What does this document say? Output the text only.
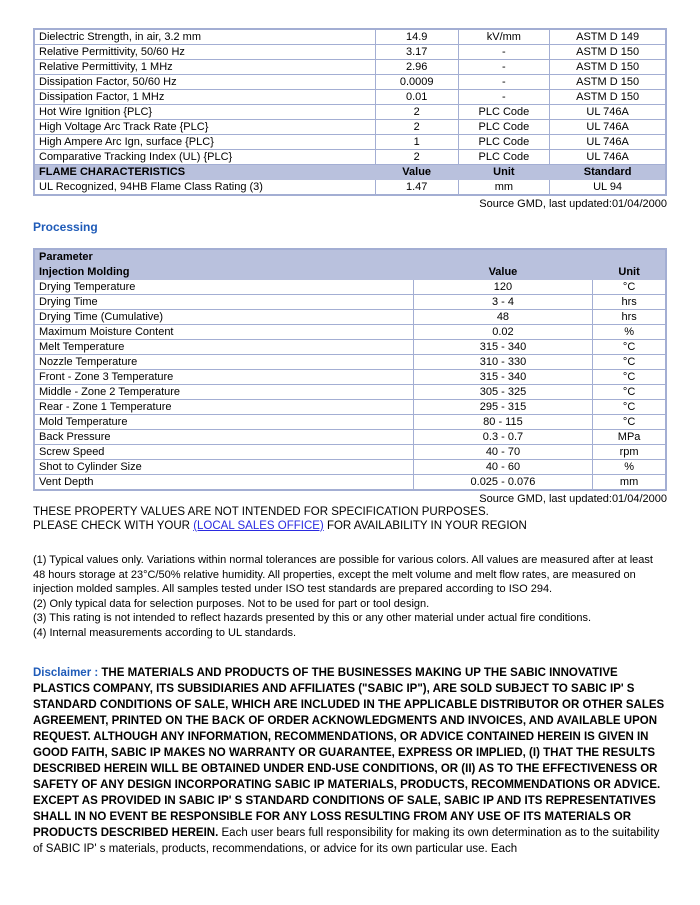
Dielectric Strength, in air, 3.2 mm	14.9	kV/mm	ASTM D 149
Relative Permittivity, 50/60 Hz	3.17	-	ASTM D 150
Relative Permittivity, 1 MHz	2.96	-	ASTM D 150
Dissipation Factor, 50/60 Hz	0.0009	-	ASTM D 150
Dissipation Factor, 1 MHz	0.01	-	ASTM D 150
Hot Wire Ignition {PLC}	2	PLC Code	UL 746A
High Voltage Arc Track Rate {PLC}	2	PLC Code	UL 746A
High Ampere Arc Ign, surface {PLC}	1	PLC Code	UL 746A
Comparative Tracking Index (UL) {PLC}	2	PLC Code	UL 746A
FLAME CHARACTERISTICS	Value	Unit	Standard
UL Recognized, 94HB Flame Class Rating (3)	1.47	mm	UL 94
Source GMD, last updated:01/04/2000
Processing
Parameter		
Injection Molding	Value	Unit
Drying Temperature	120	°C
Drying Time	3 - 4	hrs
Drying Time (Cumulative)	48	hrs
Maximum Moisture Content	0.02	%
Melt Temperature	315 - 340	°C
Nozzle Temperature	310 - 330	°C
Front - Zone 3 Temperature	315 - 340	°C
Middle - Zone 2 Temperature	305 - 325	°C
Rear - Zone 1 Temperature	295 - 315	°C
Mold Temperature	80 - 115	°C
Back Pressure	0.3 - 0.7	MPa
Screw Speed	40 - 70	rpm
Shot to Cylinder Size	40 - 60	%
Vent Depth	0.025 - 0.076	mm
Source GMD, last updated:01/04/2000

THESE PROPERTY VALUES ARE NOT INTENDED FOR SPECIFICATION PURPOSES.

PLEASE CHECK WITH YOUR (LOCAL SALES OFFICE) FOR AVAILABILITY IN YOUR REGION

(1) Typical values only. Variations within normal tolerances are possible for various colors. All values are measured after at least 48 hours storage at 23°C/50% relative humidity. All properties, except the melt volume and melt flow rates, are measured on injection molded samples. All samples tested under ISO test standards are prepared according to ISO 294.
(2) Only typical data for selection purposes. Not to be used for part or tool design.
(3) This rating is not intended to reflect hazards presented by this or any other material under actual fire conditions.
(4) Internal measurements according to UL standards.

Disclaimer : THE MATERIALS AND PRODUCTS OF THE BUSINESSES MAKING UP THE SABIC INNOVATIVE PLASTICS COMPANY, ITS SUBSIDIARIES AND AFFILIATES ("SABIC IP"), ARE SOLD SUBJECT TO SABIC IP' S STANDARD CONDITIONS OF SALE, WHICH ARE INCLUDED IN THE APPLICABLE DISTRIBUTOR OR OTHER SALES AGREEMENT, PRINTED ON THE BACK OF ORDER ACKNOWLEDGMENTS AND INVOICES, AND AVAILABLE UPON REQUEST. ALTHOUGH ANY INFORMATION, RECOMMENDATIONS, OR ADVICE CONTAINED HEREIN IS GIVEN IN GOOD FAITH, SABIC IP MAKES NO WARRANTY OR GUARANTEE, EXPRESS OR IMPLIED, (I) THAT THE RESULTS DESCRIBED HEREIN WILL BE OBTAINED UNDER END-USE CONDITIONS, OR (II) AS TO THE EFFECTIVENESS OR SAFETY OF ANY DESIGN INCORPORATING SABIC IP MATERIALS, PRODUCTS, RECOMMENDATIONS OR ADVICE. EXCEPT AS PROVIDED IN SABIC IP' S STANDARD CONDITIONS OF SALE, SABIC IP AND ITS REPRESENTATIVES SHALL IN NO EVENT BE RESPONSIBLE FOR ANY LOSS RESULTING FROM ANY USE OF ITS MATERIALS OR PRODUCTS DESCRIBED HEREIN. Each user bears full responsibility for making its own determination as to the suitability of SABIC IP' s materials, products, recommendations, or advice for its own particular use. Each
